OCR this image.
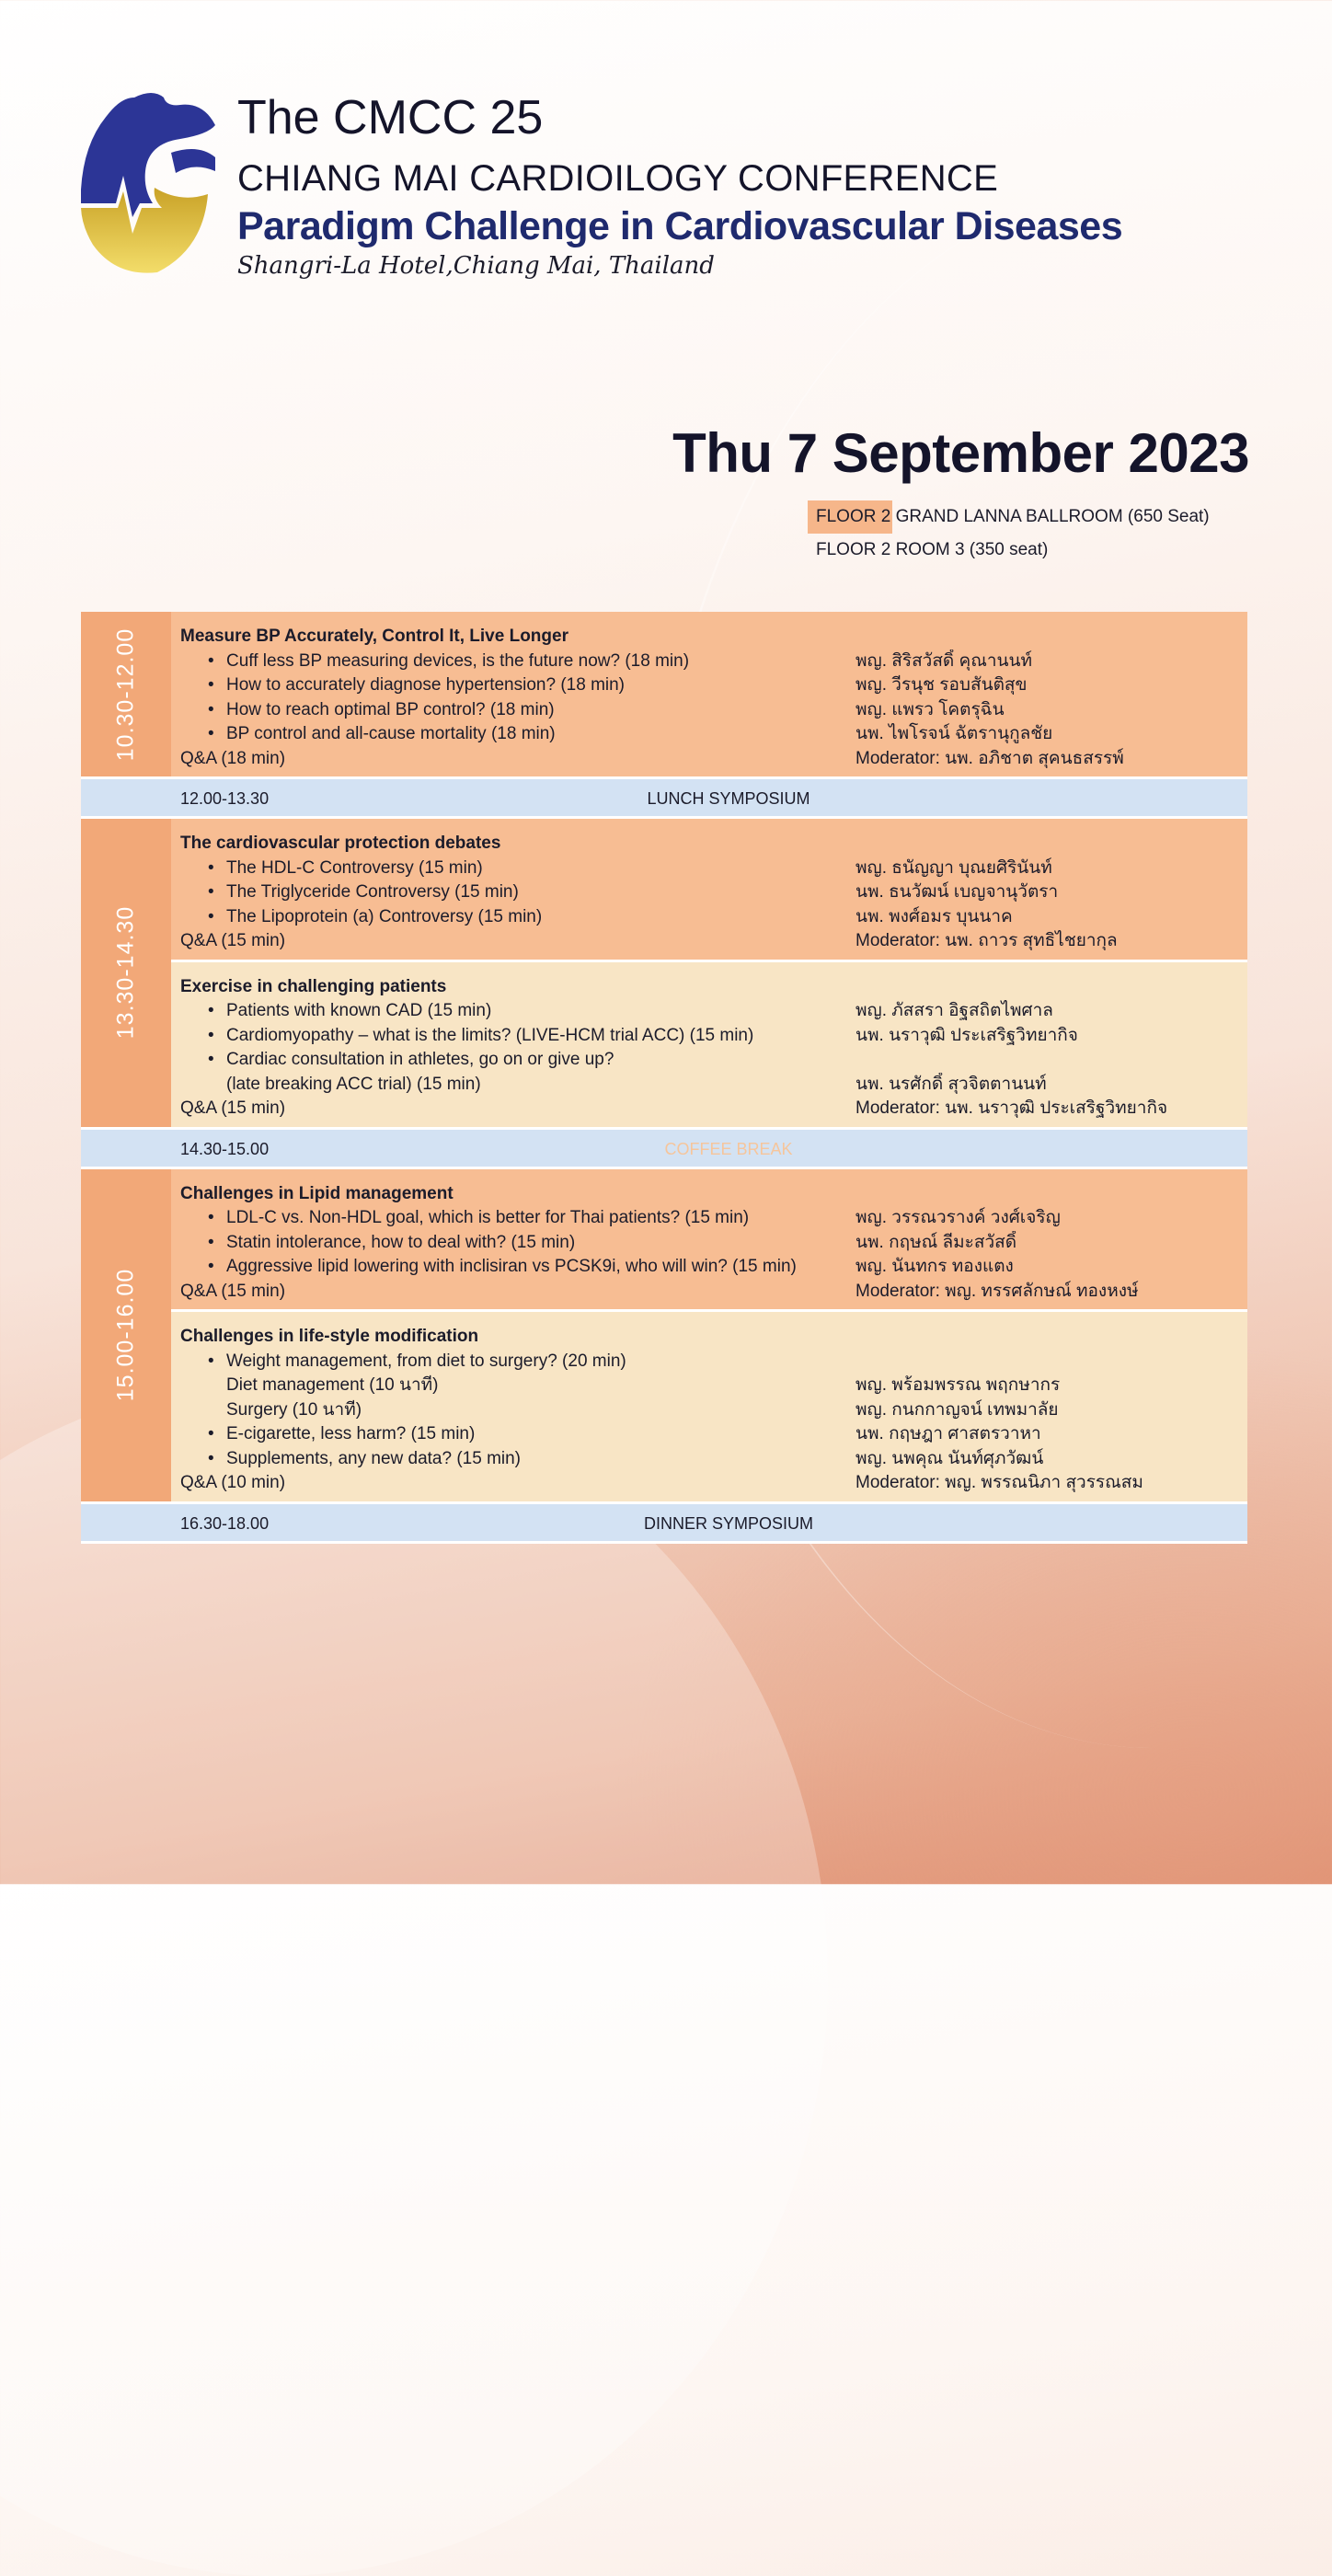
The CMCC 25
CHIANG MAI CARDIOILOGY CONFERENCE
Paradigm Challenge in Cardiovascular Diseases
Shangri-La Hotel,Chiang Mai, Thailand
Thu 7 September 2023
FLOOR 2 GRAND LANNA BALLROOM (650 Seat)
FLOOR 2 ROOM 3 (350 seat)
10.30-12.00 Measure BP Accurately, Control It, Live Longer
• Cuff less BP measuring devices, is the future now? (18 min)	พญ. สิริสวัสดิ์ คุณานนท์
• How to accurately diagnose hypertension? (18 min)	พญ. วีรนุช รอบสันติสุข
• How to reach optimal BP control? (18 min)	พญ. แพรว โคตรุฉิน
• BP control and all-cause mortality (18 min)	นพ. ไพโรจน์ ฉัตรานุกูลชัย
Q&A (18 min)	Moderator: นพ. อภิชาต สุคนธสรรพ์
12.00-13.30	LUNCH SYMPOSIUM
13.30-14.30
The cardiovascular protection debates
• The HDL-C Controversy (15 min)	พญ. ธนัญญา บุณยศิรินันท์
• The Triglyceride Controversy (15 min)	นพ. ธนวัฒน์ เบญจานุวัตรา
• The Lipoprotein (a) Controversy (15 min)	นพ. พงศ์อมร บุนนาค
Q&A (15 min)	Moderator: นพ. ถาวร สุทธิไชยากุล
Exercise in challenging patients
• Patients with known CAD (15 min)	พญ. ภัสสรา อิฐสถิตไพศาล
• Cardiomyopathy – what is the limits? (LIVE-HCM trial ACC) (15 min)	นพ. นราวุฒิ ประเสริฐวิทยากิจ
• Cardiac consultation in athletes, go on or give up?
(late breaking ACC trial) (15 min)	นพ. นรศักดิ์ สุวจิตตานนท์
Q&A (15 min)	Moderator: นพ. นราวุฒิ ประเสริฐวิทยากิจ
14.30-15.00	COFFEE BREAK
15.00-16.00
Challenges in Lipid management
• LDL-C vs. Non-HDL goal, which is better for Thai patients? (15 min)	พญ. วรรณวรางค์ วงศ์เจริญ
• Statin intolerance, how to deal with? (15 min)	นพ. กฤษณ์ ลีมะสวัสดิ์
• Aggressive lipid lowering with inclisiran vs PCSK9i, who will win? (15 min)	พญ. นันทกร ทองแตง
Q&A (15 min)	Moderator: พญ. ทรรศลักษณ์ ทองหงษ์
Challenges in life-style modification
• Weight management, from diet to surgery? (20 min)
Diet management (10 นาที)	พญ. พร้อมพรรณ พฤกษากร
Surgery (10 นาที)	พญ. กนกกาญจน์ เทพมาลัย
• E-cigarette, less harm? (15 min)	นพ. กฤษฎา ศาสตรวาหา
• Supplements, any new data? (15 min)	พญ. นพคุณ นันท์ศุภวัฒน์
Q&A (10 min)	Moderator: พญ. พรรณนิภา สุวรรณสม
16.30-18.00	DINNER SYMPOSIUM
